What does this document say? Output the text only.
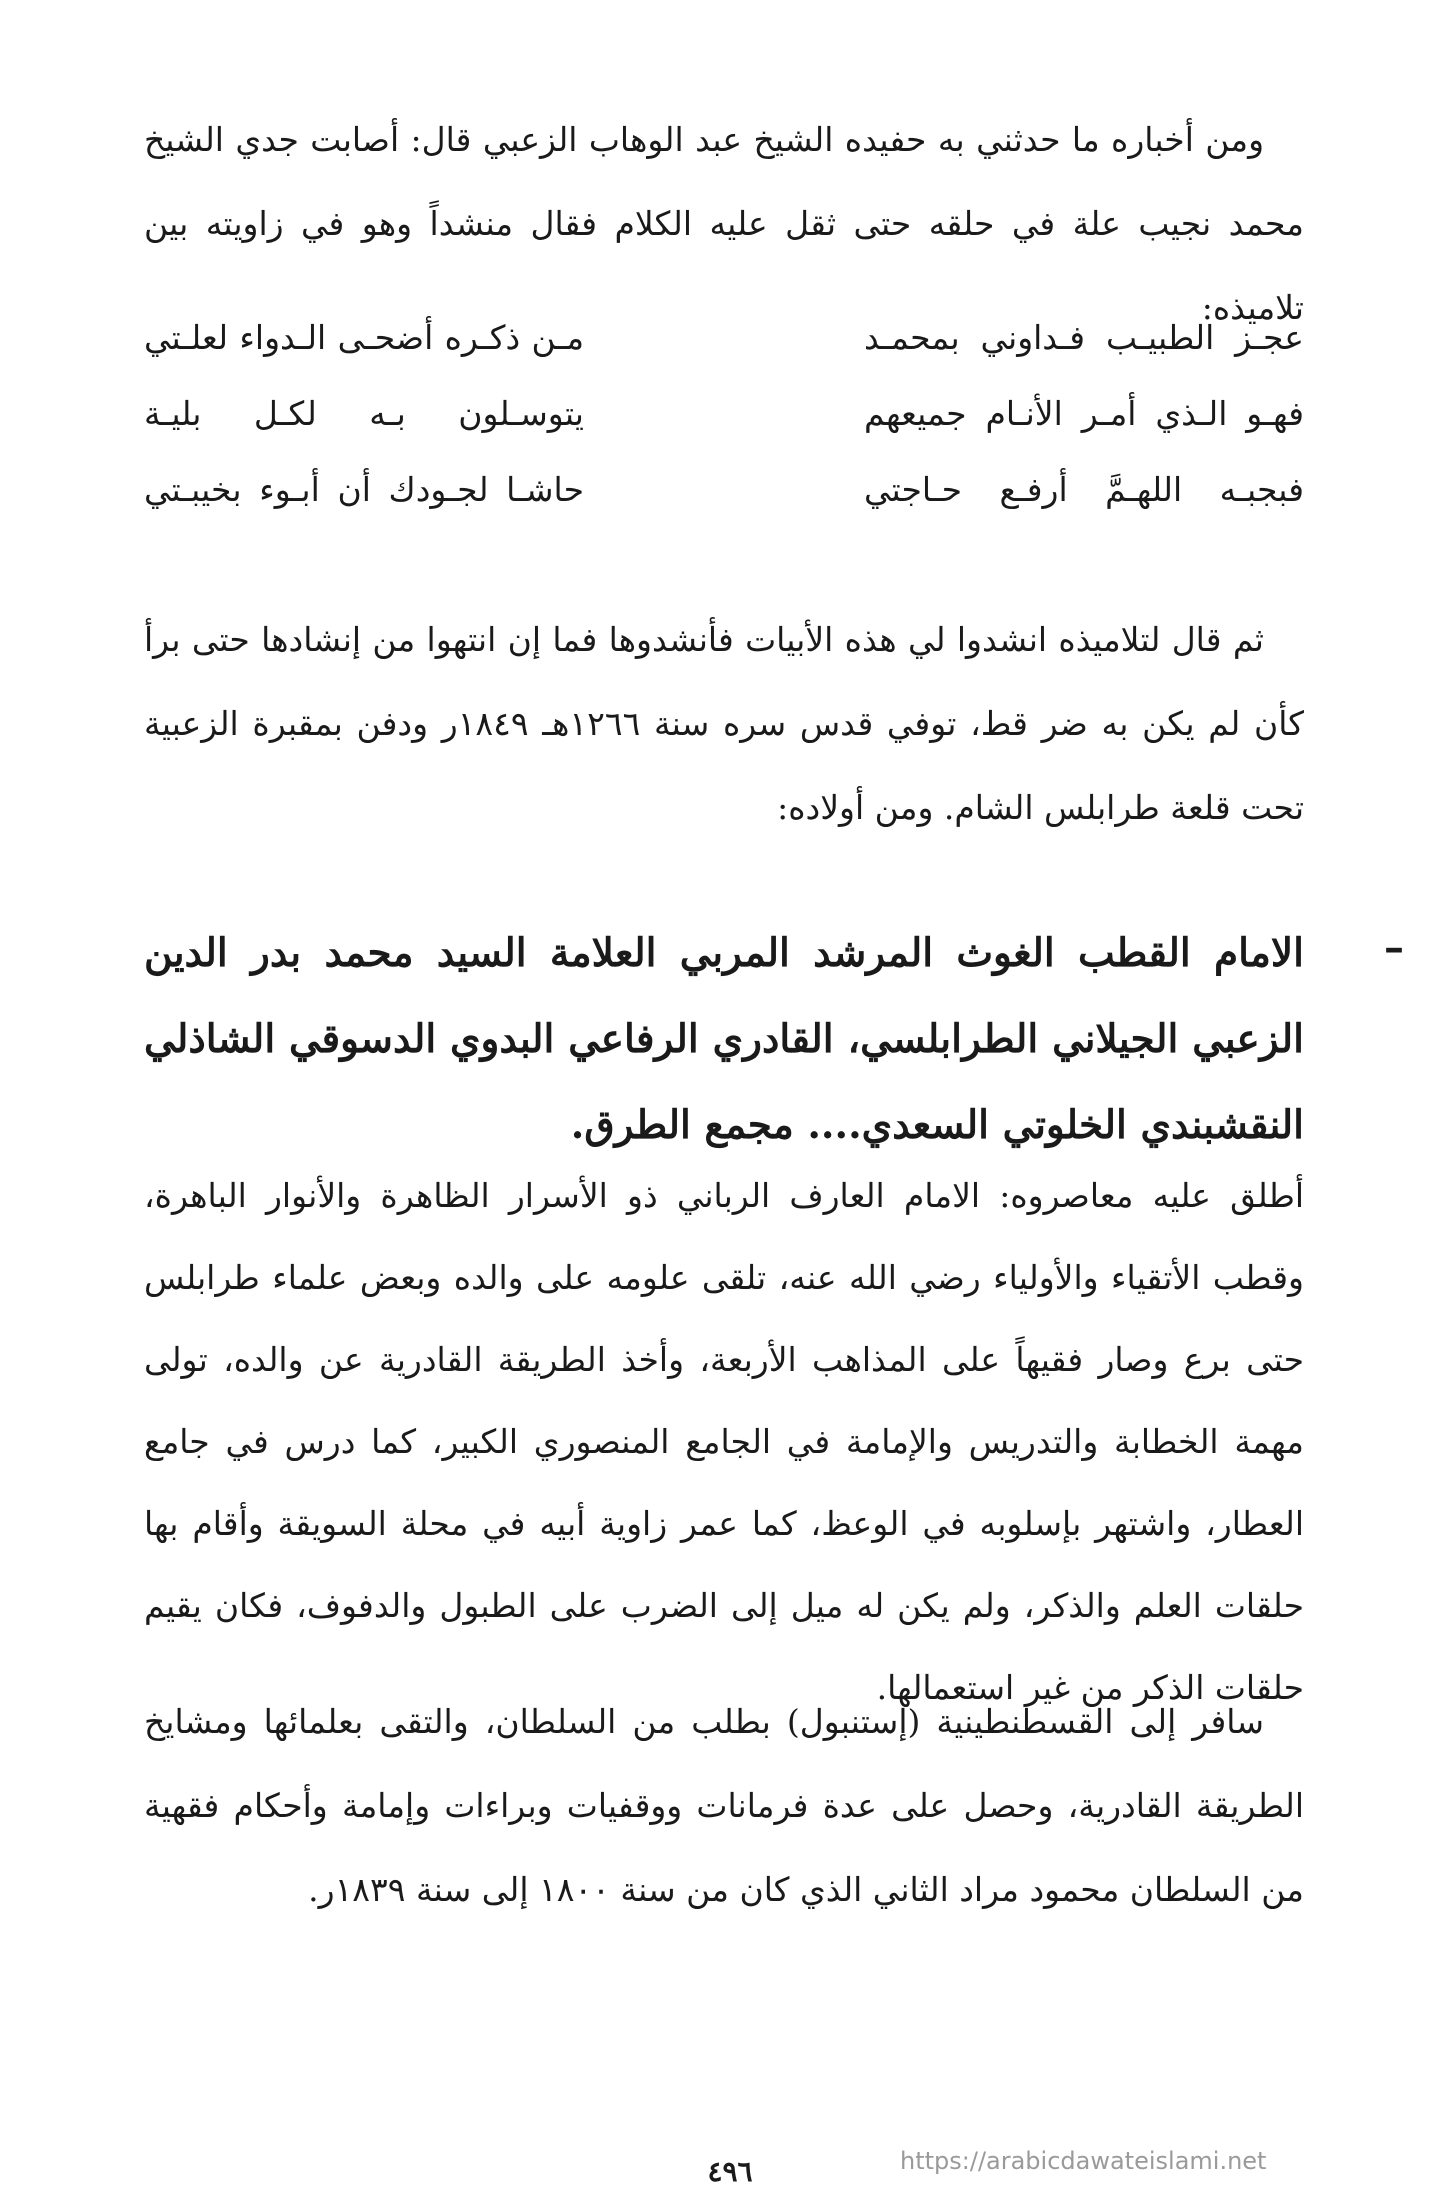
ومن أخباره ما حدثني به حفيده الشيخ عبد الوهاب الزعبي قال: أصابت جدي الشيخ محمد نجيب علة في حلقه حتى ثقل عليه الكلام فقال منشداً وهو في زاويته بين تلاميذه:

عجـز الطبيـب فـداوني بمحمـد
مـن ذكـره أضحـى الـدواء لعلـتي
فهـو الـذي أمـر الأنـام جميعهم
يتوسـلون بـه لكـل بليـة
فبجبـه اللهـمَّ أرفـع حـاجتي
حاشـا لجـودك أن أبـوء بخيبـتي

ثم قال لتلاميذه انشدوا لي هذه الأبيات فأنشدوها فما إن انتهوا من إنشادها حتى برأ كأن لم يكن به ضر قط، توفي قدس سره سنة ١٢٦٦هـ ١٨٤٩ر ودفن بمقبرة الزعبية تحت قلعة طرابلس الشام. ومن أولاده:

–

الامام القطب الغوث المرشد المربي العلامة السيد محمد بدر الدين الزعبي الجيلاني الطرابلسي، القادري الرفاعي البدوي الدسوقي الشاذلي النقشبندي الخلوتي السعدي.... مجمع الطرق.

أطلق عليه معاصروه: الامام العارف الرباني ذو الأسرار الظاهرة والأنوار الباهرة، وقطب الأتقياء والأولياء رضي الله عنه، تلقى علومه على والده وبعض علماء طرابلس حتى برع وصار فقيهاً على المذاهب الأربعة، وأخذ الطريقة القادرية عن والده، تولى مهمة الخطابة والتدريس والإمامة في الجامع المنصوري الكبير، كما درس في جامع العطار، واشتهر بإسلوبه في الوعظ، كما عمر زاوية أبيه في محلة السويقة وأقام بها حلقات العلم والذكر، ولم يكن له ميل إلى الضرب على الطبول والدفوف، فكان يقيم حلقات الذكر من غير استعمالها.

سافر إلى القسطنطينية (إستنبول) بطلب من السلطان، والتقى بعلمائها ومشايخ الطريقة القادرية، وحصل على عدة فرمانات ووقفيات وبراءات وإمامة وأحكام فقهية من السلطان محمود مراد الثاني الذي كان من سنة ١٨٠٠ إلى سنة ١٨٣٩ر.

٤٩٦	https://arabicdawateislami.net
